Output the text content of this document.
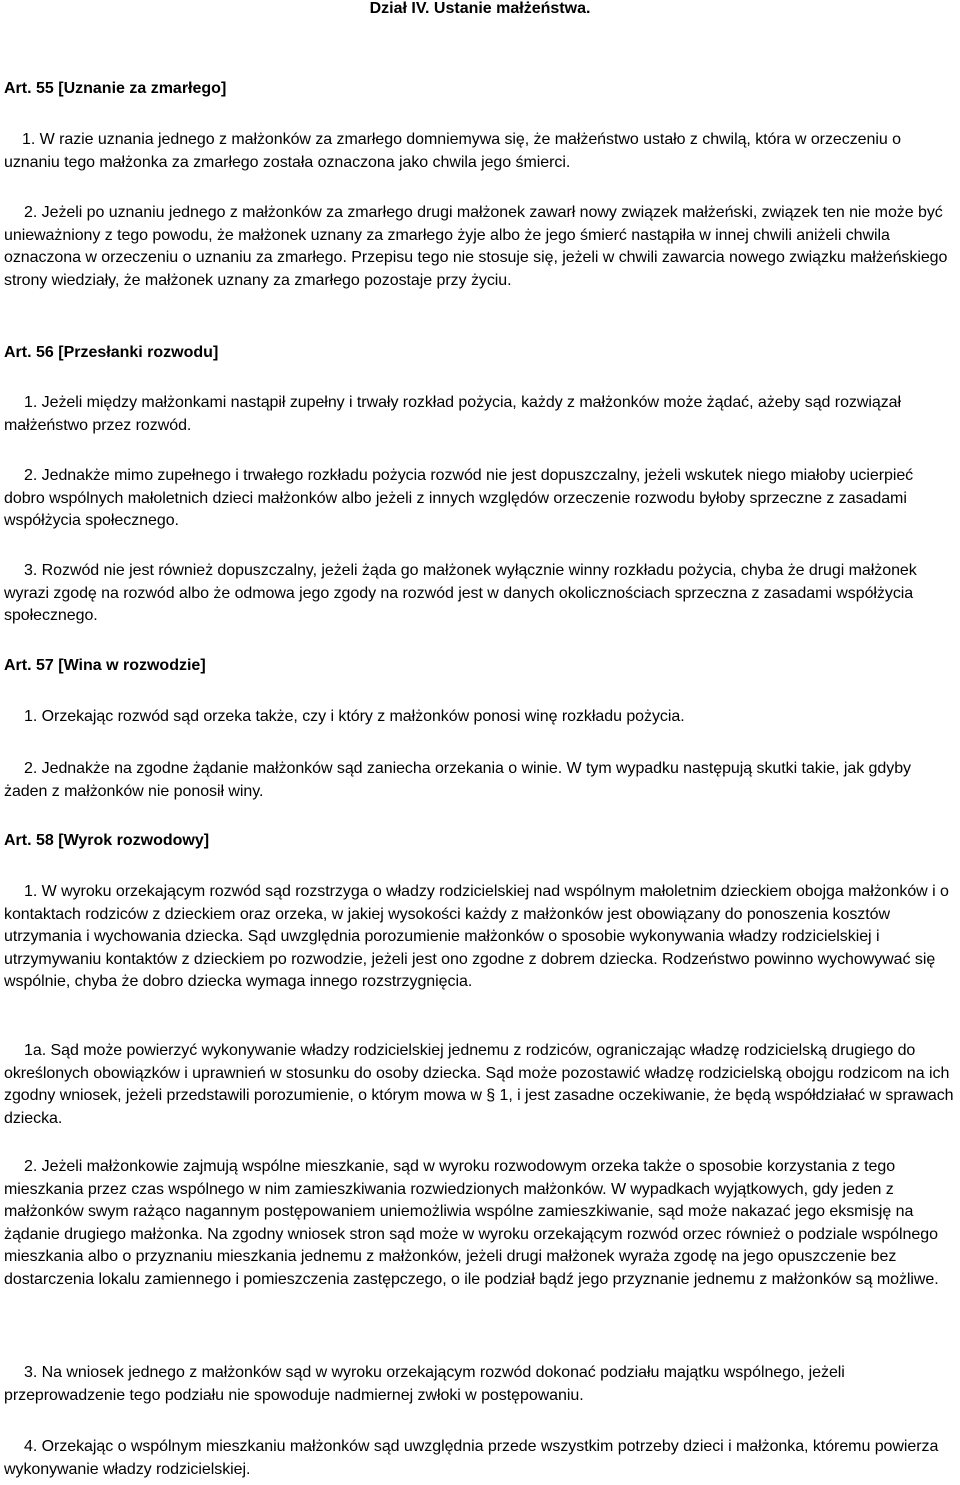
Dział IV. Ustanie małżeństwa.
Art. 55 [Uznanie za zmarłego]

1. W razie uznania jednego z małżonków za zmarłego domniemywa się, że małżeństwo ustało z chwilą, która w orzeczeniu o uznaniu tego małżonka za zmarłego została oznaczona jako chwila jego śmierci.

2. Jeżeli po uznaniu jednego z małżonków za zmarłego drugi małżonek zawarł nowy związek małżeński, związek ten nie może być unieważniony z tego powodu, że małżonek uznany za zmarłego żyje albo że jego śmierć nastąpiła w innej chwili aniżeli chwila oznaczona w orzeczeniu o uznaniu za zmarłego. Przepisu tego nie stosuje się, jeżeli w chwili zawarcia nowego związku małżeńskiego strony wiedziały, że małżonek uznany za zmarłego pozostaje przy życiu.

Art. 56 [Przesłanki rozwodu]

1. Jeżeli między małżonkami nastąpił zupełny i trwały rozkład pożycia, każdy z małżonków może żądać, ażeby sąd rozwiązał małżeństwo przez rozwód.

2. Jednakże mimo zupełnego i trwałego rozkładu pożycia rozwód nie jest dopuszczalny, jeżeli wskutek niego miałoby ucierpieć dobro wspólnych małoletnich dzieci małżonków albo jeżeli z innych względów orzeczenie rozwodu byłoby sprzeczne z zasadami współżycia społecznego.

3. Rozwód nie jest również dopuszczalny, jeżeli żąda go małżonek wyłącznie winny rozkładu pożycia, chyba że drugi małżonek wyrazi zgodę na rozwód albo że odmowa jego zgody na rozwód jest w danych okolicznościach sprzeczna z zasadami współżycia społecznego.

Art. 57 [Wina w rozwodzie]

1. Orzekając rozwód sąd orzeka także, czy i który z małżonków ponosi winę rozkładu pożycia.

2. Jednakże na zgodne żądanie małżonków sąd zaniecha orzekania o winie. W tym wypadku następują skutki takie, jak gdyby żaden z małżonków nie ponosił winy.

Art. 58 [Wyrok rozwodowy]

1. W wyroku orzekającym rozwód sąd rozstrzyga o władzy rodzicielskiej nad wspólnym małoletnim dzieckiem obojga małżonków i o kontaktach rodziców z dzieckiem oraz orzeka, w jakiej wysokości każdy z małżonków jest obowiązany do ponoszenia kosztów utrzymania i wychowania dziecka. Sąd uwzględnia porozumienie małżonków o sposobie wykonywania władzy rodzicielskiej i utrzymywaniu kontaktów z dzieckiem po rozwodzie, jeżeli jest ono zgodne z dobrem dziecka. Rodzeństwo powinno wychowywać się wspólnie, chyba że dobro dziecka wymaga innego rozstrzygnięcia.

1a. Sąd może powierzyć wykonywanie władzy rodzicielskiej jednemu z rodziców, ograniczając władzę rodzicielską drugiego do określonych obowiązków i uprawnień w stosunku do osoby dziecka. Sąd może pozostawić władzę rodzicielską obojgu rodzicom na ich zgodny wniosek, jeżeli przedstawili porozumienie, o którym mowa w § 1, i jest zasadne oczekiwanie, że będą współdziałać w sprawach dziecka.

2. Jeżeli małżonkowie zajmują wspólne mieszkanie, sąd w wyroku rozwodowym orzeka także o sposobie korzystania z tego mieszkania przez czas wspólnego w nim zamieszkiwania rozwiedzionych małżonków. W wypadkach wyjątkowych, gdy jeden z małżonków swym rażąco nagannym postępowaniem uniemożliwia wspólne zamieszkiwanie, sąd może nakazać jego eksmisję na żądanie drugiego małżonka. Na zgodny wniosek stron sąd może w wyroku orzekającym rozwód orzec również o podziale wspólnego mieszkania albo o przyznaniu mieszkania jednemu z małżonków, jeżeli drugi małżonek wyraża zgodę na jego opuszczenie bez dostarczenia lokalu zamiennego i pomieszczenia zastępczego, o ile podział bądź jego przyznanie jednemu z małżonków są możliwe.

3. Na wniosek jednego z małżonków sąd w wyroku orzekającym rozwód dokonać podziału majątku wspólnego, jeżeli przeprowadzenie tego podziału nie spowoduje nadmiernej zwłoki w postępowaniu.

4. Orzekając o wspólnym mieszkaniu małżonków sąd uwzględnia przede wszystkim potrzeby dzieci i małżonka, któremu powierza wykonywanie władzy rodzicielskiej.
